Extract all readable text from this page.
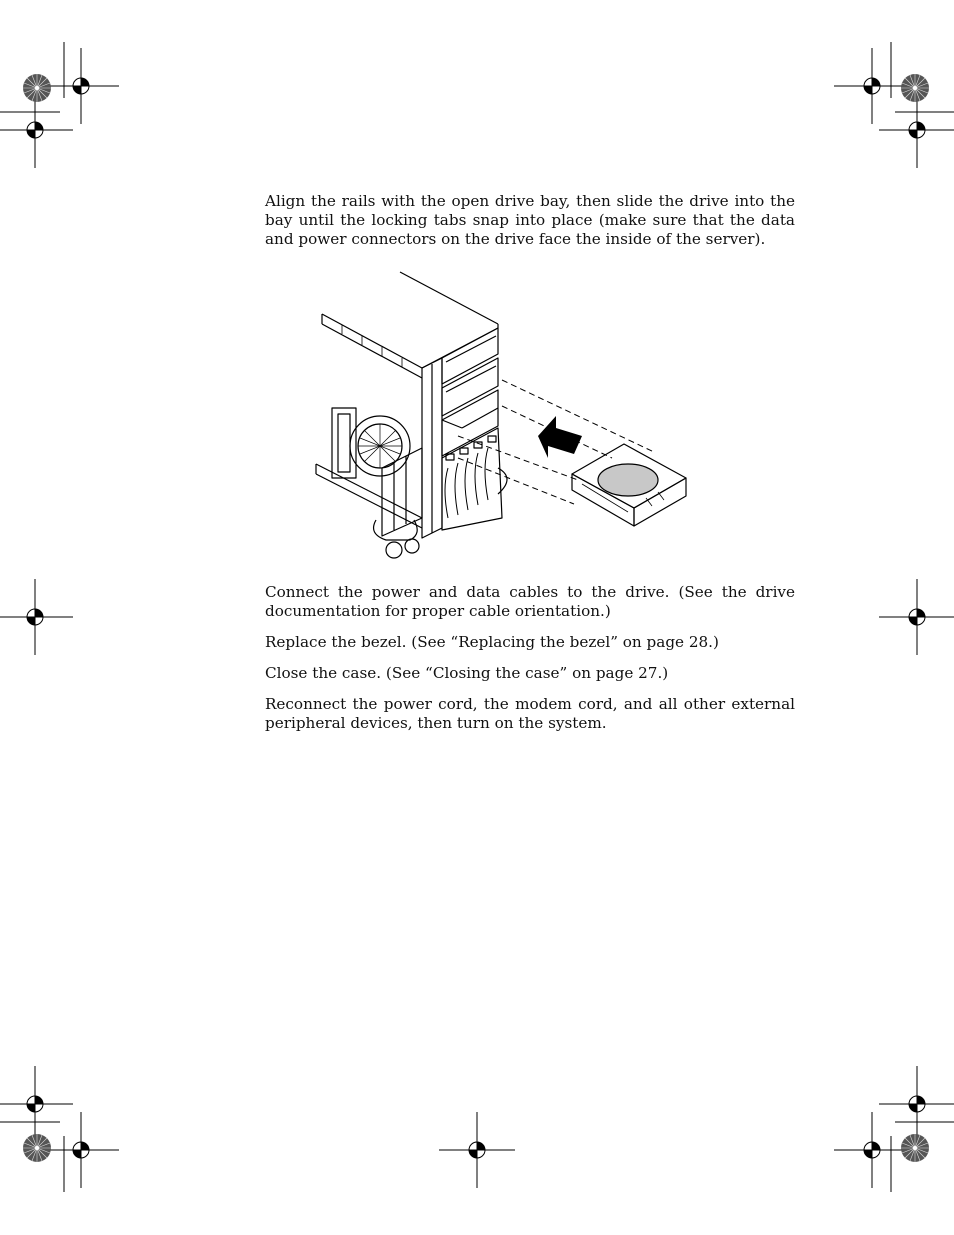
Align the rails with the open drive bay, then slide the drive into the bay until the locking tabs snap into place (make sure that the data and power connectors on the drive face the inside of the server).

Connect the power and data cables to the drive. (See the drive documentation for proper cable orientation.)

Replace the bezel. (See “Replacing the bezel” on page 28.)

Close the case. (See “Closing the case” on page 27.)

Reconnect the power cord, the modem cord, and all other external peripheral devices, then turn on the system.
